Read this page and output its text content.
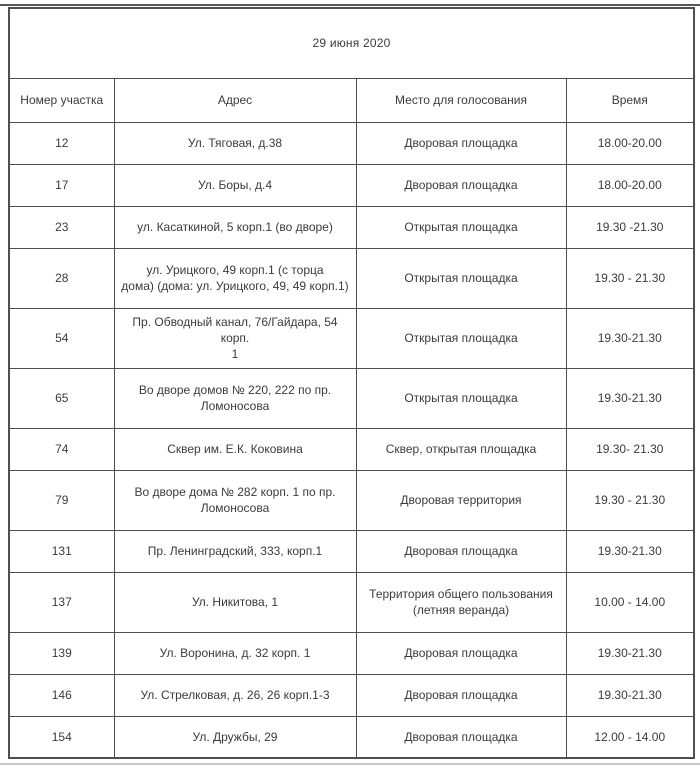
29 июня 2020			
Номер участка	Адрес	Место для голосования	Время
12	Ул. Тяговая, д.38	Дворовая площадка	18.00-20.00
17	Ул. Боры, д.4	Дворовая площадка	18.00-20.00
23	ул. Касаткиной, 5 корп.1 (во дворе)	Открытая площадка	19.30 -21.30
28	ул. Урицкого, 49 корп.1 (с торца
дома) (дома: ул. Урицкого, 49, 49 корп.1)	Открытая площадка	19.30 - 21.30
54	Пр. Обводный канал, 76/Гайдара, 54 корп.
1	Открытая площадка	19.30-21.30
65	Во дворе домов № 220, 222 по пр.
Ломоносова	Открытая площадка	19.30-21.30
74	Сквер им. Е.К. Коковина	Сквер, открытая площадка	19.30- 21.30
79	Во дворе дома № 282 корп. 1 по пр.
Ломоносова	Дворовая территория	19.30 - 21.30
131	Пр. Ленинградский, 333, корп.1	Дворовая площадка	19.30-21.30
137	Ул. Никитова, 1	Территория общего пользования
(летняя веранда)	10.00 - 14.00
139	Ул. Воронина, д. 32 корп. 1	Дворовая площадка	19.30-21.30
146	Ул. Стрелковая, д. 26, 26 корп.1-3	Дворовая площадка	19.30-21.30
154	Ул. Дружбы, 29	Дворовая площадка	12.00 - 14.00
